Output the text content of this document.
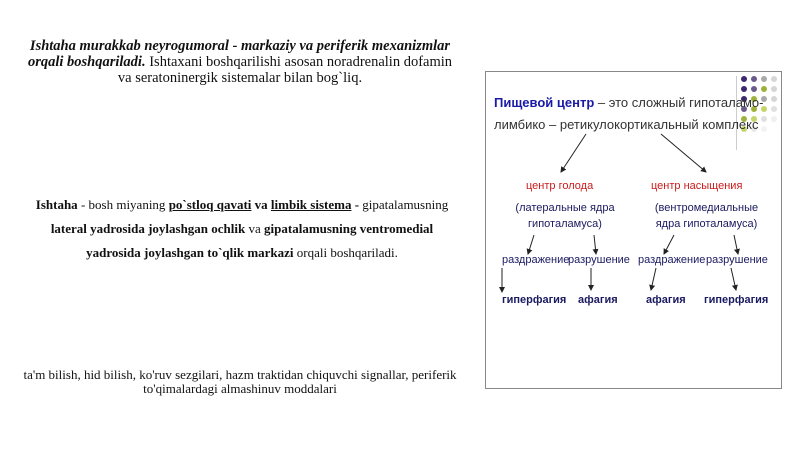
Ishtaha murakkab neyrogumoral - markaziy va periferik mexanizmlar orqali boshqariladi. Ishtaxani boshqarilishi asosan noradrenalin dofamin va seratoninergik sistemalar bilan bog`liq.
Ishtaha - bosh miyaning po`stloq qavati va limbik sistema - gipatalamusning lateral yadrosida joylashgan ochlik va gipatalamusning ventromedial yadrosida joylashgan to`qlik markazi orqali boshqariladi.
ta'm bilish, hid bilish, ko'ruv sezgilari, hazm traktidan chiquvchi signallar, periferik to'qimalardagi almashinuv moddalari
Пищевой центр – это сложный гипоталамо-
лимбико – ретикулокортикальный комплекс
центр голода
(латеральные ядра
гипоталамуса)
центр насыщения
(вентромедиальные
ядра гипоталамуса)
раздражение
разрушение раздражение разрушение
гиперфагия афагия	афагия гиперфагия
